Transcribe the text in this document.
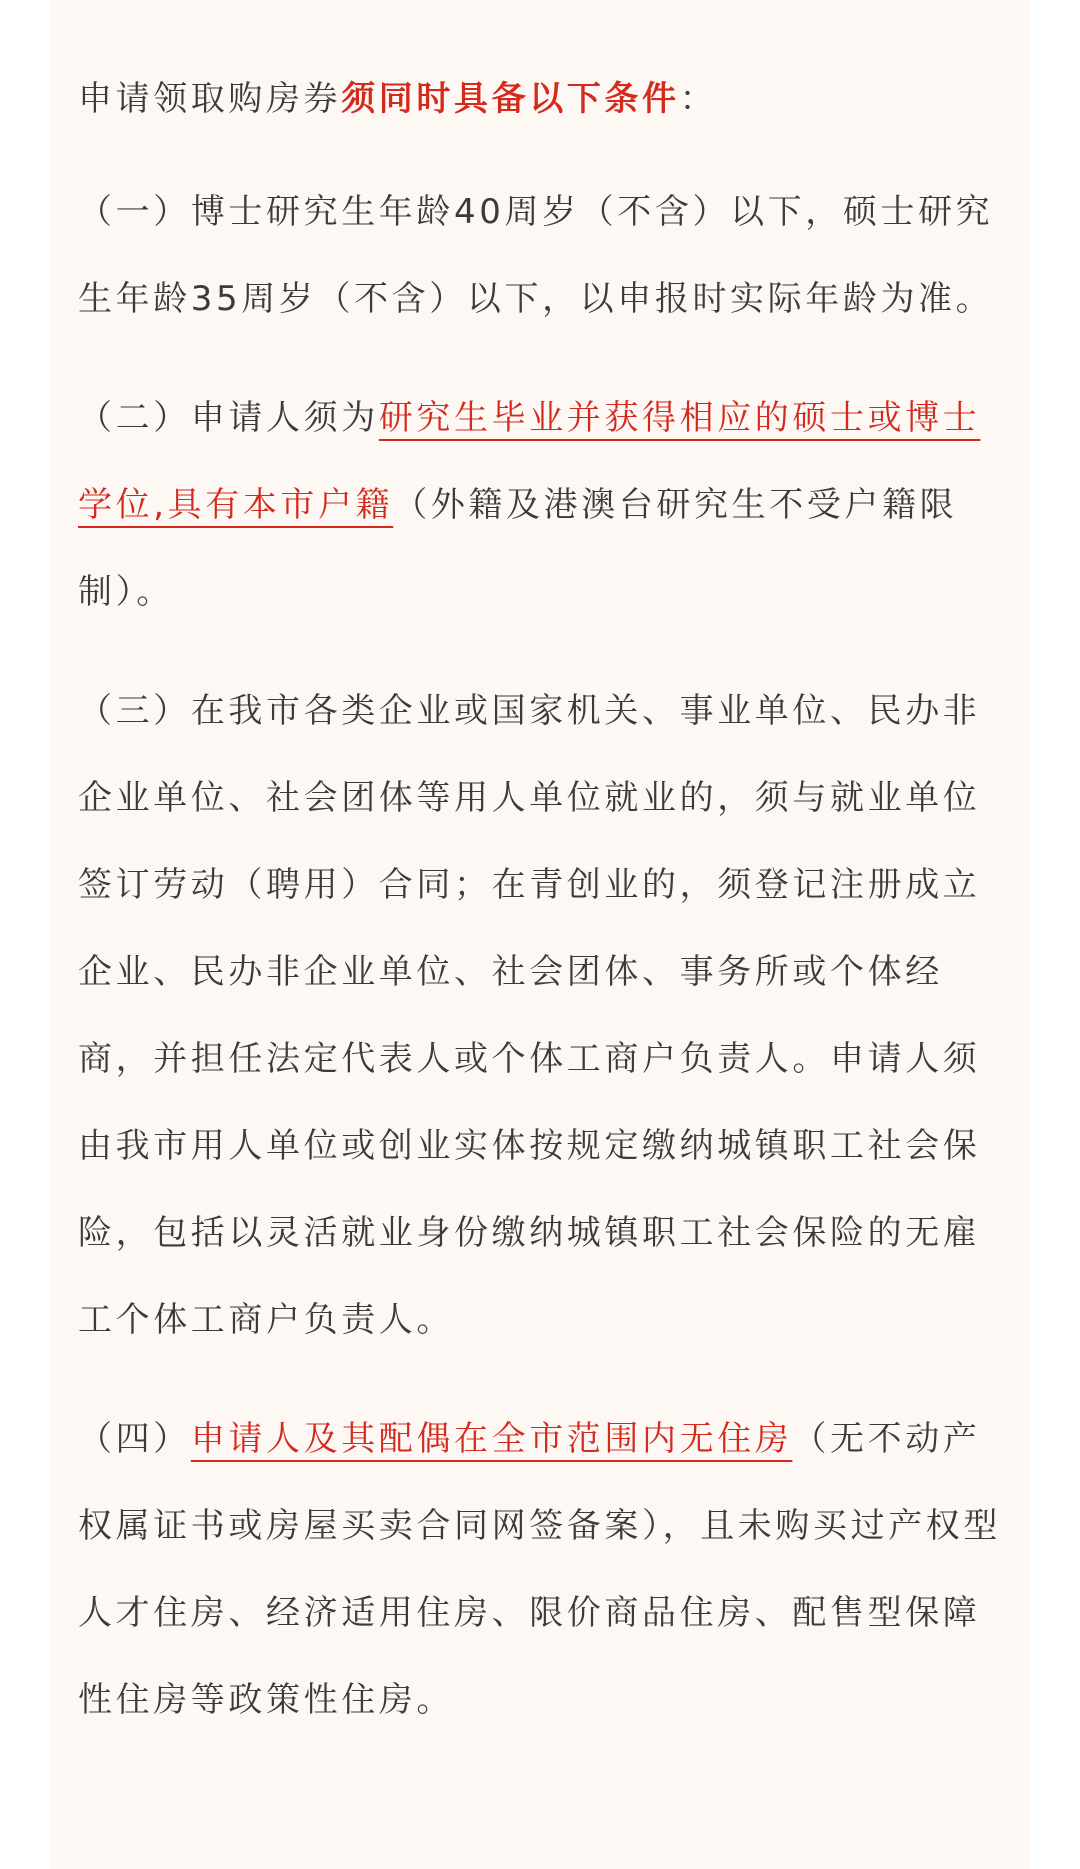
申请领取购房券须同时具备以下条件：

（一）博士研究生年龄40周岁（不含）以下，硕士研究生年龄35周岁（不含）以下，以申报时实际年龄为准。

（二）申请人须为研究生毕业并获得相应的硕士或博士学位,具有本市户籍（外籍及港澳台研究生不受户籍限制）。

（三）在我市各类企业或国家机关、事业单位、民办非企业单位、社会团体等用人单位就业的，须与就业单位签订劳动（聘用）合同；在青创业的，须登记注册成立企业、民办非企业单位、社会团体、事务所或个体经商，并担任法定代表人或个体工商户负责人。申请人须由我市用人单位或创业实体按规定缴纳城镇职工社会保险，包括以灵活就业身份缴纳城镇职工社会保险的无雇工个体工商户负责人。

（四）申请人及其配偶在全市范围内无住房（无不动产权属证书或房屋买卖合同网签备案），且未购买过产权型人才住房、经济适用住房、限价商品住房、配售型保障性住房等政策性住房。
